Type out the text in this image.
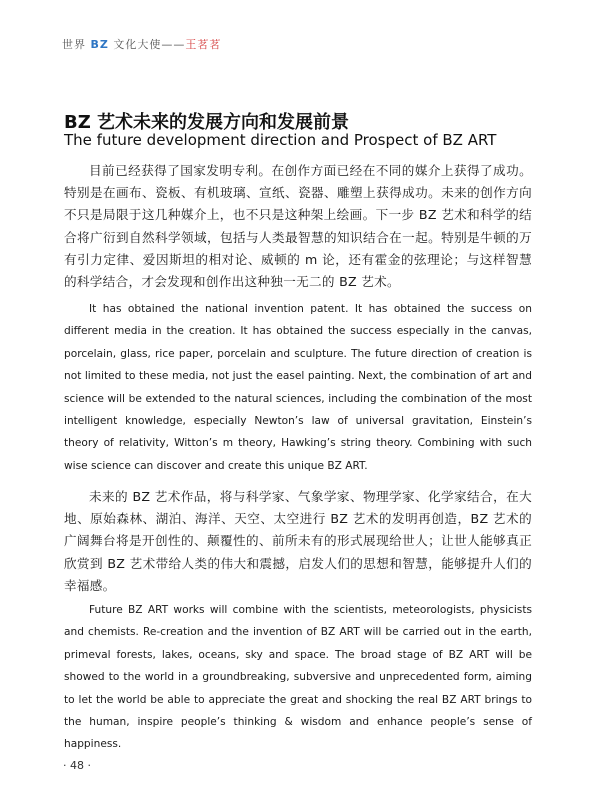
世界 BZ 文化大使——王茗茗
BZ 艺术未来的发展方向和发展前景
The future development direction and Prospect of BZ ART

目前已经获得了国家发明专利。在创作方面已经在不同的媒介上获得了成功。特别是在画布、瓷板、有机玻璃、宣纸、瓷器、雕塑上获得成功。未来的创作方向不只是局限于这几种媒介上，也不只是这种架上绘画。下一步 BZ 艺术和科学的结合将广衍到自然科学领域，包括与人类最智慧的知识结合在一起。特别是牛顿的万有引力定律、爱因斯坦的相对论、威顿的 m 论，还有霍金的弦理论；与这样智慧的科学结合，才会发现和创作出这种独一无二的 BZ 艺术。

It has obtained the national invention patent. It has obtained the success on different media in the creation. It has obtained the success especially in the canvas, porcelain, glass, rice paper, porcelain and sculpture. The future direction of creation is not limited to these media, not just the easel painting. Next, the combination of art and science will be extended to the natural sciences, including the combination of the most intelligent knowledge, especially Newton’s law of universal gravitation, Einstein’s theory of relativity, Witton’s m theory, Hawking’s string theory. Combining with such wise science can discover and create this unique BZ ART.

未来的 BZ 艺术作品，将与科学家、气象学家、物理学家、化学家结合，在大地、原始森林、湖泊、海洋、天空、太空进行 BZ 艺术的发明再创造，BZ 艺术的广阔舞台将是开创性的、颠覆性的、前所未有的形式展现给世人；让世人能够真正欣赏到 BZ 艺术带给人类的伟大和震撼，启发人们的思想和智慧，能够提升人们的幸福感。

Future BZ ART works will combine with the scientists, meteorologists, physicists and chemists. Re-creation and the invention of BZ ART will be carried out in the earth, primeval forests, lakes, oceans, sky and space. The broad stage of BZ ART will be showed to the world in a groundbreaking, subversive and unprecedented form, aiming to let the world be able to appreciate the great and shocking the real BZ ART brings to the human, inspire people’s thinking & wisdom and enhance people’s sense of happiness.

· 48 ·
